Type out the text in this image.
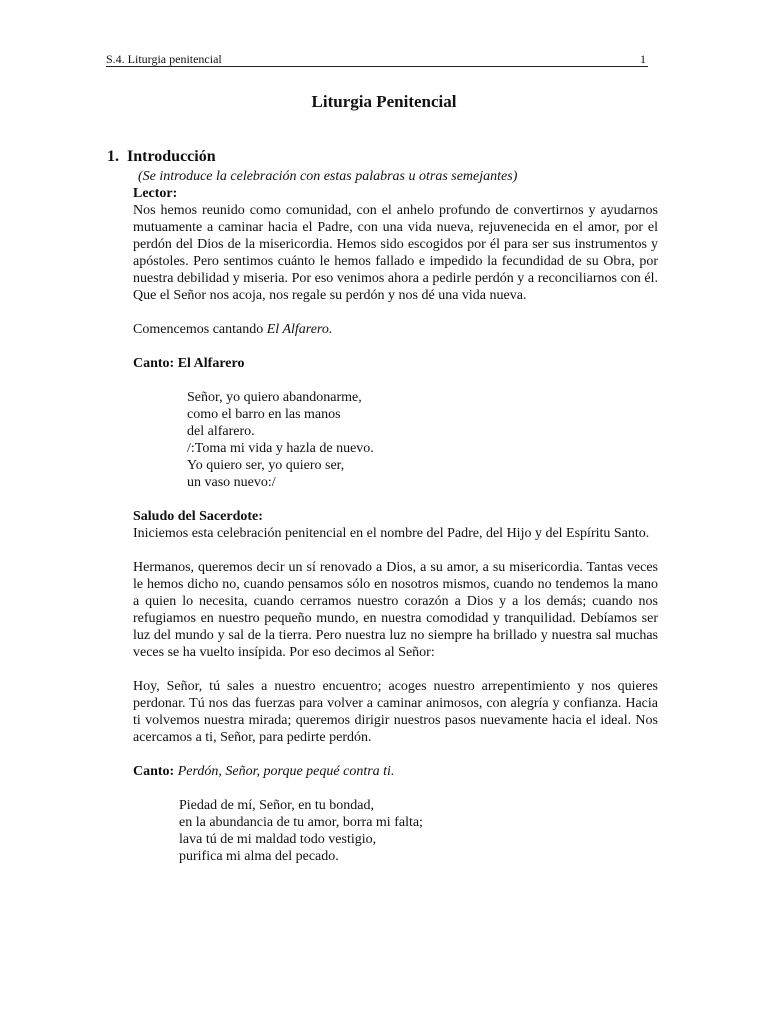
S.4. Liturgia penitencial	1
Liturgia Penitencial
1. Introducción

(Se introduce la celebración con estas palabras u otras semejantes)

Lector:

Nos hemos reunido como comunidad, con el anhelo profundo de convertirnos y ayudarnos mutuamente a caminar hacia el Padre, con una vida nueva, rejuvenecida en el amor, por el perdón del Dios de la misericordia. Hemos sido escogidos por él para ser sus instrumentos y apóstoles. Pero sentimos cuánto le hemos fallado e impedido la fecundidad de su Obra, por nuestra debilidad y miseria. Por eso venimos ahora a pedirle perdón y a reconciliarnos con él. Que el Señor nos acoja, nos regale su perdón y nos dé una vida nueva.

Comencemos cantando El Alfarero.

Canto: El Alfarero

Señor, yo quiero abandonarme,

como el barro en las manos

del alfarero.

/:Toma mi vida y hazla de nuevo.

Yo quiero ser, yo quiero ser,

un vaso nuevo:/

Saludo del Sacerdote:

Iniciemos esta celebración penitencial en el nombre del Padre, del Hijo y del Espíritu Santo.

Hermanos, queremos decir un sí renovado a Dios, a su amor, a su misericordia. Tantas veces le hemos dicho no, cuando pensamos sólo en nosotros mismos, cuando no tendemos la mano a quien lo necesita, cuando cerramos nuestro corazón a Dios y a los demás; cuando nos refugiamos en nuestro pequeño mundo, en nuestra comodidad y tranquilidad. Debíamos ser luz del mundo y sal de la tierra. Pero nuestra luz no siempre ha brillado y nuestra sal muchas veces se ha vuelto insípida. Por eso decimos al Señor:

Hoy, Señor, tú sales a nuestro encuentro; acoges nuestro arrepentimiento y nos quieres perdonar. Tú nos das fuerzas para volver a caminar animosos, con alegría y confianza. Hacia ti volvemos nuestra mirada; queremos dirigir nuestros pasos nuevamente hacia el ideal. Nos acercamos a ti, Señor, para pedirte perdón.

Canto: Perdón, Señor, porque pequé contra ti.

Piedad de mí, Señor, en tu bondad,

en la abundancia de tu amor, borra mi falta;

lava tú de mi maldad todo vestigio,

purifica mi alma del pecado.
